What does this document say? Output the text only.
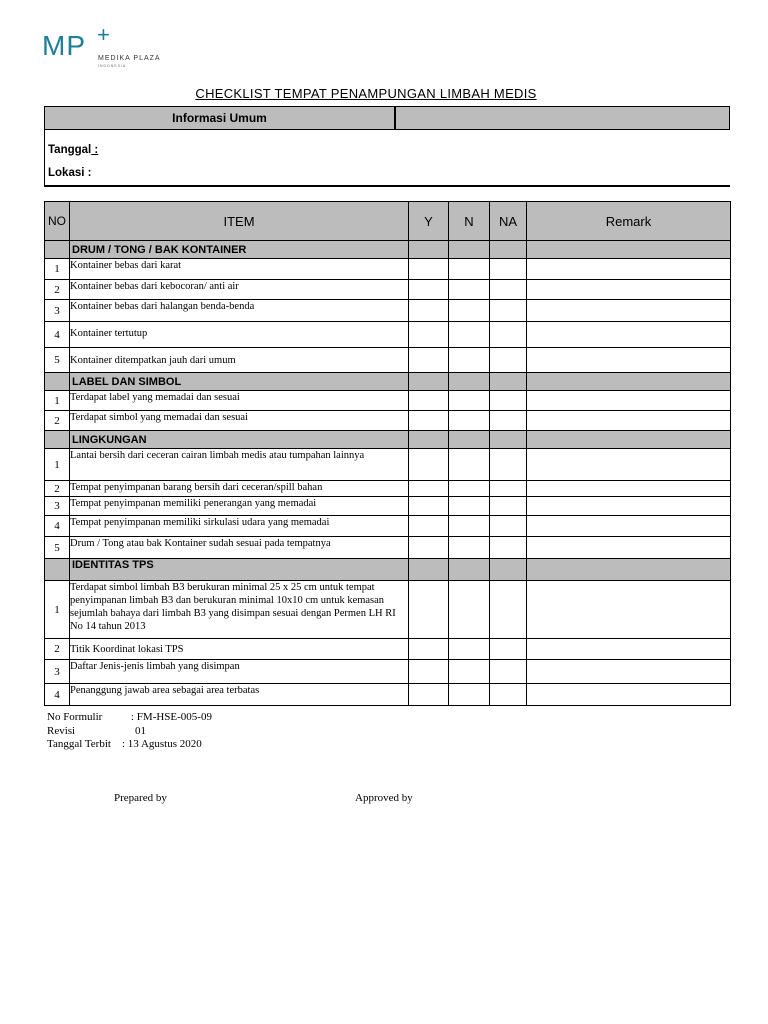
MP +
MEDIKA PLAZA
INDONESIA
CHECKLIST TEMPAT PENAMPUNGAN LIMBAH MEDIS
Informasi Umum
Tanggal :
Lokasi :
NO	ITEM	Y	N	NA	Remark
	DRUM / TONG / BAK KONTAINER				
1	Kontainer bebas dari karat				
2	Kontainer bebas dari kebocoran/ anti air				
3	Kontainer bebas dari halangan benda-benda				
4	Kontainer tertutup				
5	Kontainer ditempatkan jauh dari umum				
	LABEL DAN SIMBOL				
1	Terdapat label yang memadai dan sesuai				
2	Terdapat simbol yang memadai dan sesuai				
	LINGKUNGAN				
1	Lantai bersih dari ceceran cairan limbah medis atau tumpahan lainnya				
2	Tempat penyimpanan barang bersih dari ceceran/spill bahan				
3	Tempat penyimpanan memiliki penerangan yang memadai				
4	Tempat penyimpanan memiliki sirkulasi udara yang memadai				
5	Drum / Tong atau bak Kontainer sudah sesuai pada tempatnya				
	IDENTITAS TPS				
1	Terdapat simbol limbah B3 berukuran minimal 25 x 25 cm untuk tempat penyimpanan limbah B3 dan berukuran minimal 10x10 cm untuk kemasan sejumlah bahaya dari limbah B3 yang disimpan sesuai dengan Permen LH RI No 14 tahun 2013				
2	Titik Koordinat lokasi TPS				
3	Daftar Jenis-jenis limbah yang disimpan				
4	Penanggung jawab area sebagai area terbatas				
No Formulir	: FM-HSE-005-09
Revisi	01
Tanggal Terbit : 13 Agustus 2020
Prepared by	Approved by
